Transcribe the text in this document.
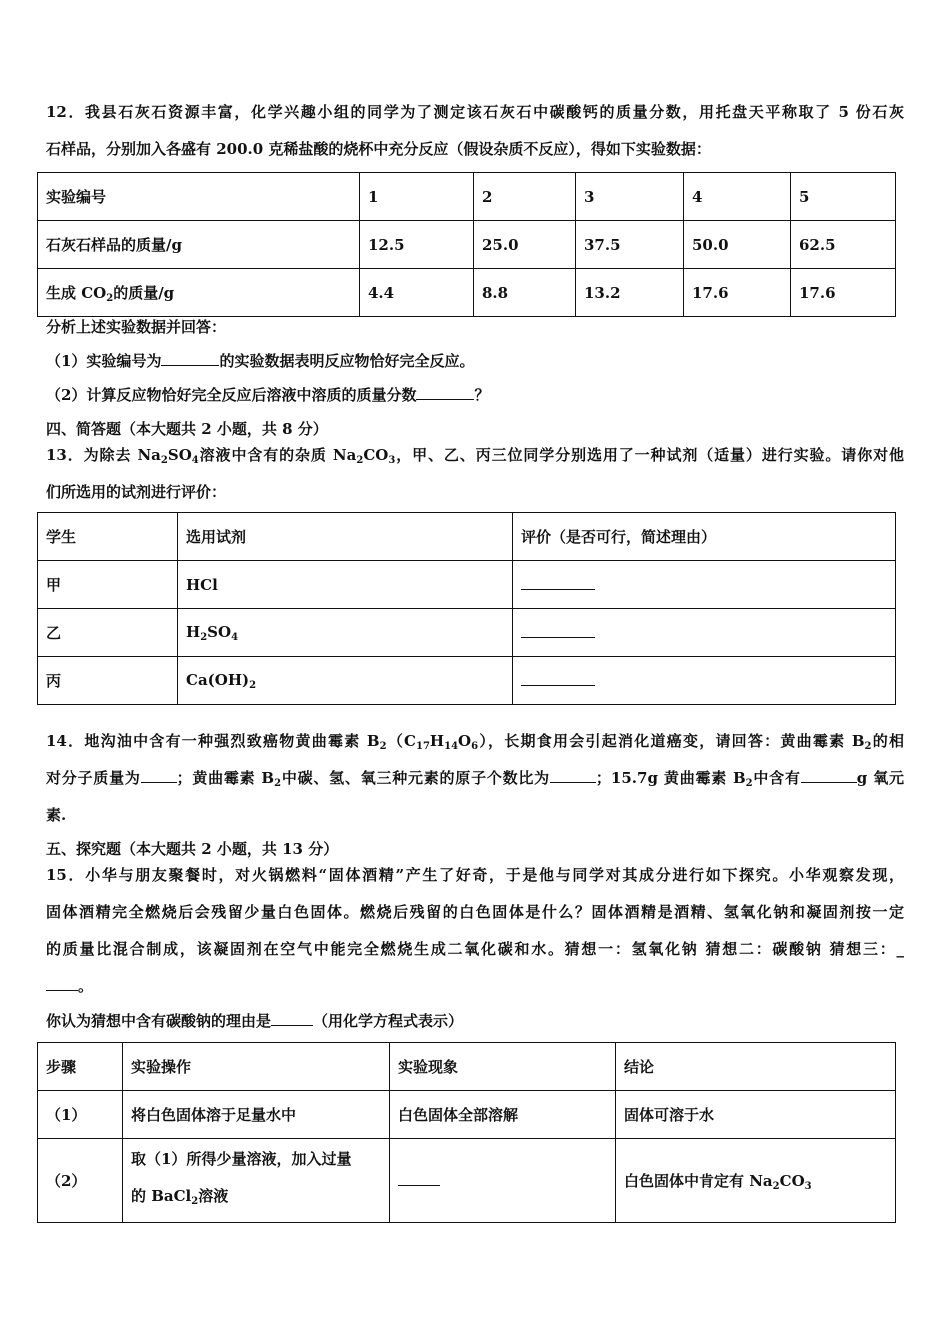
12．我县石灰石资源丰富，化学兴趣小组的同学为了测定该石灰石中碳酸钙的质量分数，用托盘天平称取了 5 份石灰
石样品，分别加入各盛有 200.0 克稀盐酸的烧杯中充分反应（假设杂质不反应），得如下实验数据：
实验编号	1	2	3	4	5
石灰石样品的质量/g	12.5	25.0	37.5	50.0	62.5
生成 $CO_2$的质量/g	4.4	8.8	13.2	17.6	17.6
分析上述实验数据并回答：
（1）实验编号为	的实验数据表明反应物恰好完全反应。
（2）计算反应物恰好完全反应后溶液中溶质的质量分数	？
四、简答题（本大题共 2 小题，共 8 分）
13．为除去 $Na_2SO_4$溶液中含有的杂质 $Na_2CO_3$，甲、乙、丙三位同学分别选用了一种试剂（适量）进行实验。请你对他
们所选用的试剂进行评价：
学生	选用试剂	评价（是否可行，简述理由）
甲	HCl	
乙	$H_2SO_4$	
丙	$Ca(OH)_2$	
14．地沟油中含有一种强烈致癌物黄曲霉素 $B_2(C_{17}H_{14}O_6)$，长期食用会引起消化道癌变，请回答：黄曲霉素 $B_2$的相
对分子质量为 ；黄曲霉素 $B_2$中碳、氢、氧三种元素的原子个数比为	；15.7g 黄曲霉素 $B_2$中含有	g 氧元
素.
五、探究题（本大题共 2 小题，共 13 分）
15．小华与朋友聚餐时，对火锅燃料“固体酒精”产生了好奇，于是他与同学对其成分进行如下探究。小华观察发现，
固体酒精完全燃烧后会残留少量白色固体。燃烧后残留的白色固体是什么？固体酒精是酒精、氢氧化钠和凝固剂按一定
的质量比混合制成，该凝固剂在空气中能完全燃烧生成二氧化碳和水。猜想一：氢氧化钠 猜想二：碳酸钠 猜想三：_
。
你认为猜想中含有碳酸钠的理由是	（用化学方程式表示）
步骤	实验操作	实验现象	结论
（1）	将白色固体溶于足量水中	白色固体全部溶解	固体可溶于水
（2）	取（1）所得少量溶液，加入过量
的 BaCl$_2$溶液		白色固体中肯定有 $Na_2CO_3$
